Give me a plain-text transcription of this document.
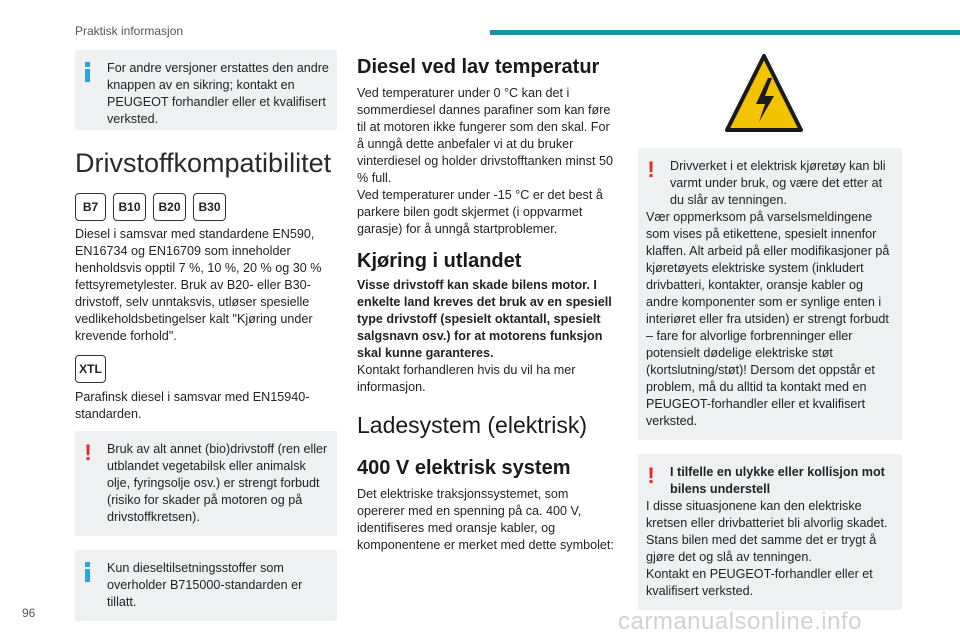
Praktisk informasjon
For andre versjoner erstattes den andre knappen av en sikring; kontakt en PEUGEOT forhandler eller et kvalifisert verksted.
Drivstoffkompatibilitet
B7	B10	B20	B30

Diesel i samsvar med standardene EN590, EN16734 og EN16709 som inneholder henholdsvis opptil 7 %, 10 %, 20 % og 30 % fettsyremetylester. Bruk av B20- eller B30-drivstoff, selv unntaksvis, utløser spesielle vedlikeholdsbetingelser kalt "Kjøring under krevende forhold".

XTL

Parafinsk diesel i samsvar med EN15940-standarden.

!	Bruk av alt annet (bio)drivstoff (ren eller utblandet vegetabilsk eller animalsk olje, fyringsolje osv.) er strengt forbudt (risiko for skader på motoren og på drivstoffkretsen).
Kun dieseltilsetningsstoffer som overholder B715000-standarden er tillatt.
Diesel ved lav temperatur

Ved temperaturer under 0 °C kan det i sommerdiesel dannes parafiner som kan føre til at motoren ikke fungerer som den skal. For å unngå dette anbefaler vi at du bruker vinterdiesel og holder drivstofftanken minst 50 % full.

Ved temperaturer under -15 °C er det best å parkere bilen godt skjermet (i oppvarmet garasje) for å unngå startproblemer.

Kjøring i utlandet

Visse drivstoff kan skade bilens motor. I enkelte land kreves det bruk av en spesiell type drivstoff (spesielt oktantall, spesielt salgsnavn osv.) for at motorens funksjon skal kunne garanteres.

Kontakt forhandleren hvis du vil ha mer informasjon.

Ladesystem (elektrisk)
400 V elektrisk system

Det elektriske traksjonssystemet, som opererer med en spenning på ca. 400 V, identifiseres med oransje kabler, og komponentene er merket med dette symbolet:

!	Drivverket i et elektrisk kjøretøy kan bli varmt under bruk, og være det etter at du slår av tenningen.
Vær oppmerksom på varselsmeldingene som vises på etikettene, spesielt innenfor klaffen. Alt arbeid på eller modifikasjoner på kjøretøyets elektriske system (inkludert drivbatteri, kontakter, oransje kabler og andre komponenter som er synlige enten i interiøret eller fra utsiden) er strengt forbudt – fare for alvorlige forbrenninger eller potensielt dødelige elektriske støt (kortslutning/støt)! Dersom det oppstår et problem, må du alltid ta kontakt med en PEUGEOT-forhandler eller et kvalifisert verksted.
!	I tilfelle en ulykke eller kollisjon mot bilens understell
I disse situasjonene kan den elektriske kretsen eller drivbatteriet bli alvorlig skadet. Stans bilen med det samme det er trygt å gjøre det og slå av tenningen.
Kontakt en PEUGEOT-forhandler eller et kvalifisert verksted.
96	carmanualsonline.info
